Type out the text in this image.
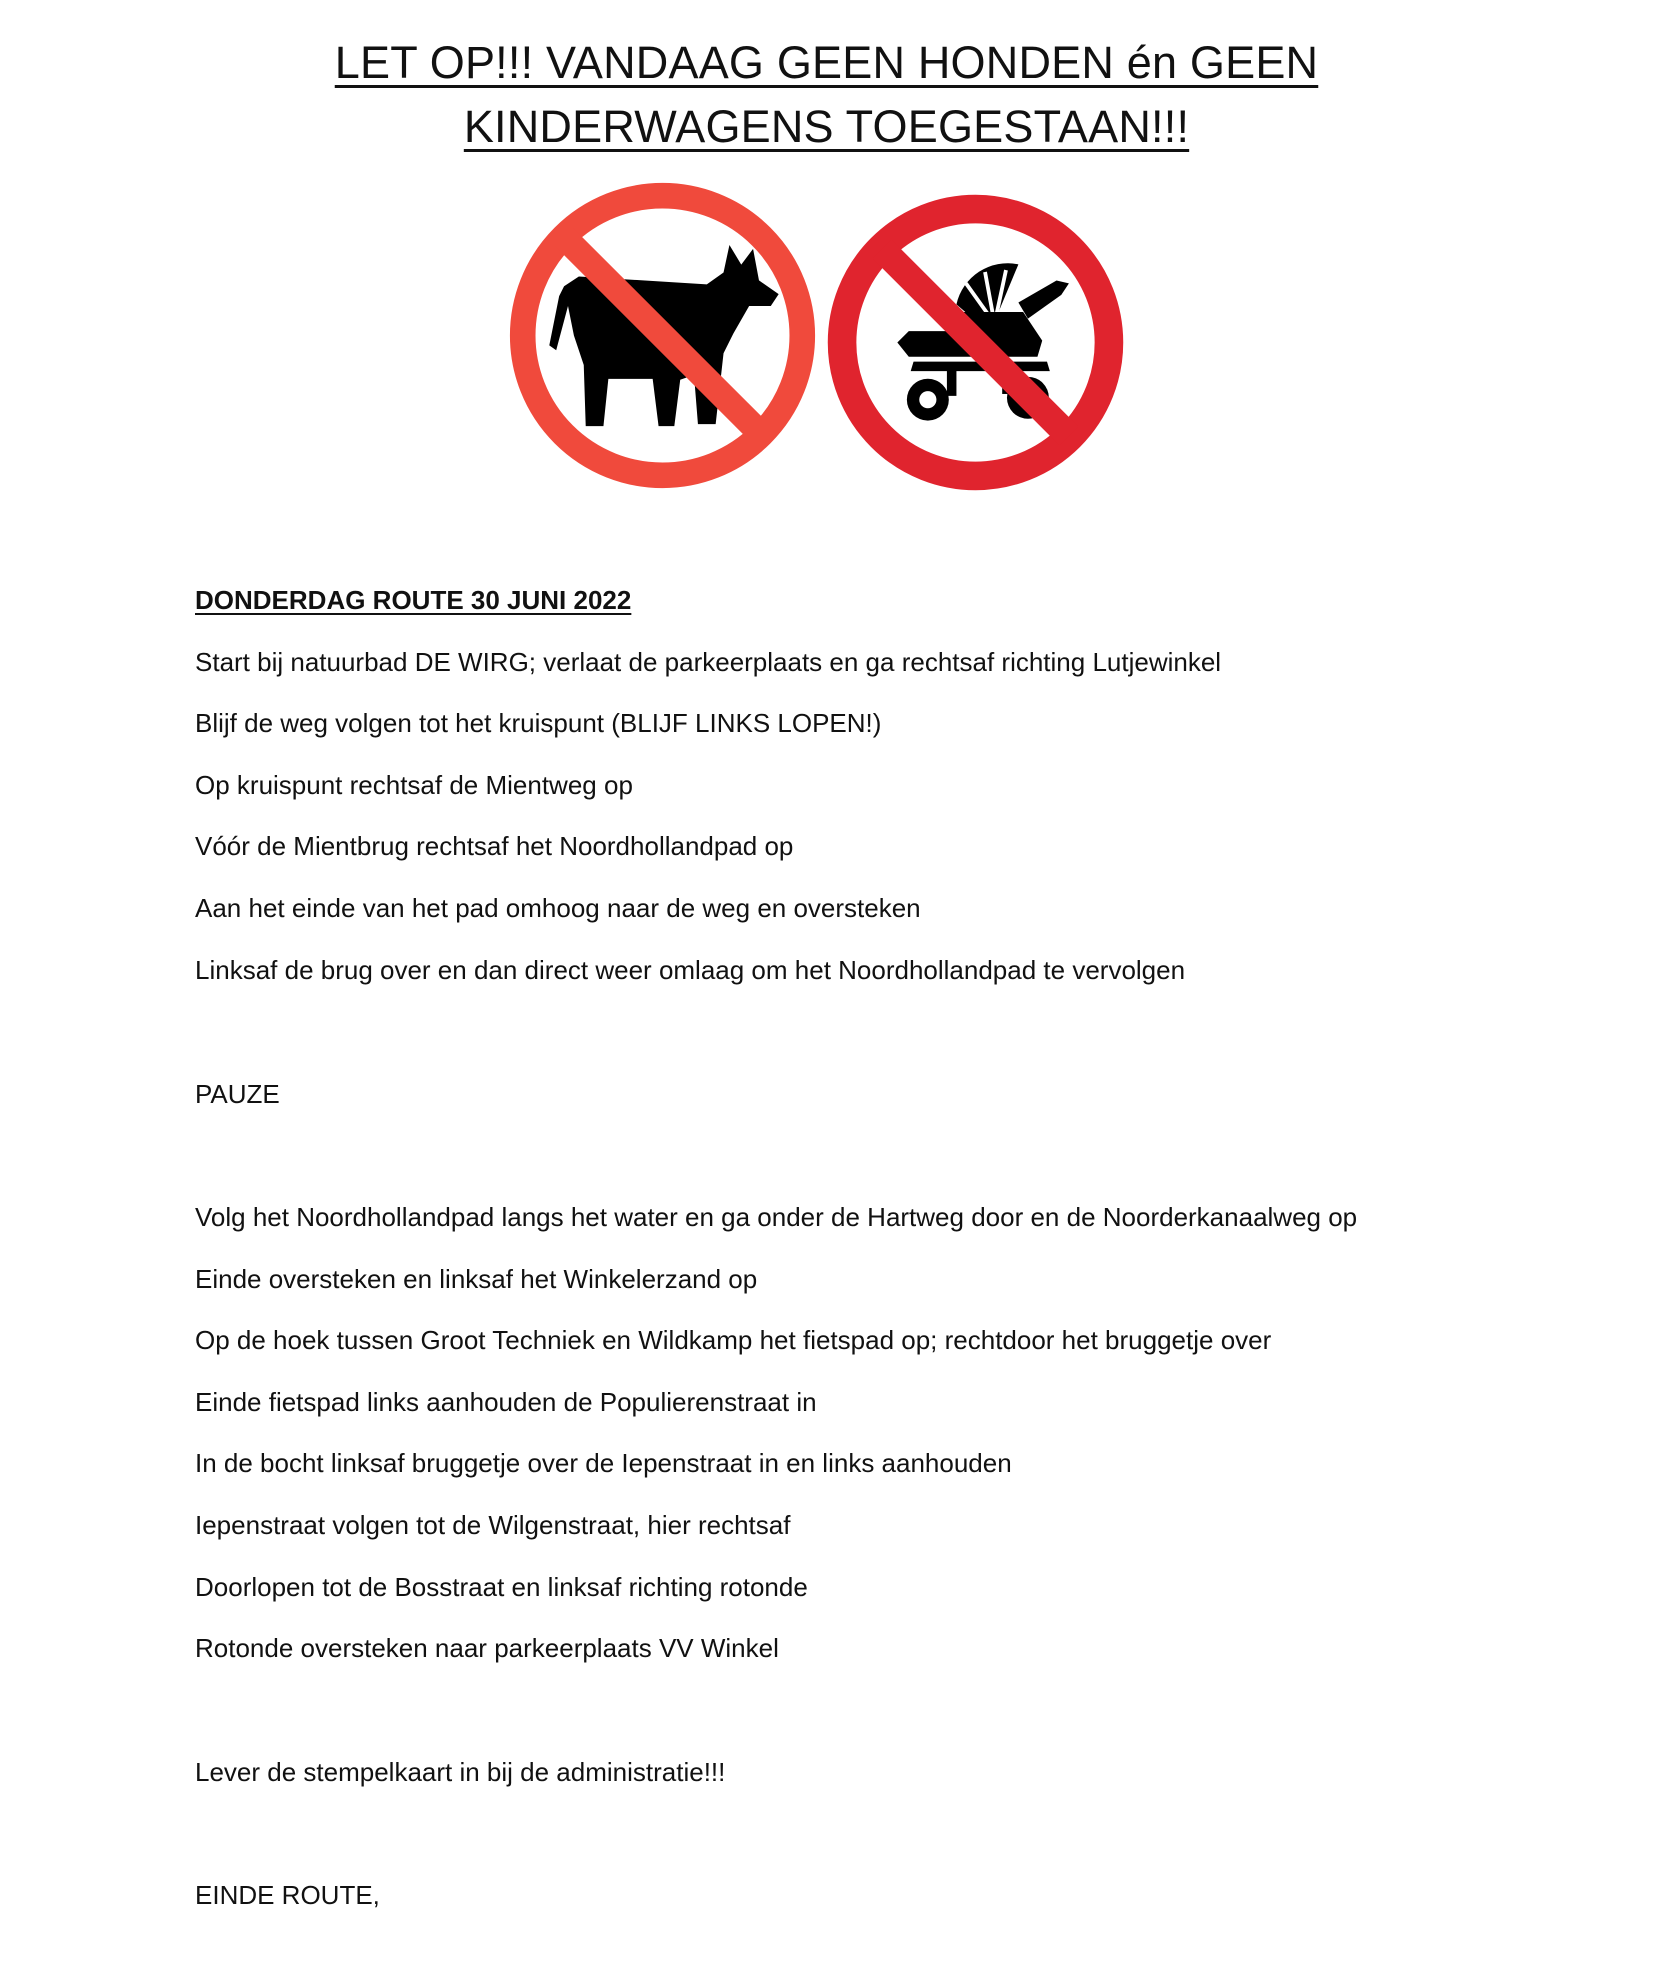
LET OP!!! VANDAAG GEEN HONDEN én GEEN
KINDERWAGENS TOEGESTAAN!!!
DONDERDAG ROUTE 30 JUNI 2022
Start bij natuurbad DE WIRG; verlaat de parkeerplaats en ga rechtsaf richting Lutjewinkel
Blijf de weg volgen tot het kruispunt (BLIJF LINKS LOPEN!)
Op kruispunt rechtsaf de Mientweg op
Vóór de Mientbrug rechtsaf het Noordhollandpad op
Aan het einde van het pad omhoog naar de weg en oversteken
Linksaf de brug over en dan direct weer omlaag om het Noordhollandpad te vervolgen
PAUZE
Volg het Noordhollandpad langs het water en ga onder de Hartweg door en de Noorderkanaalweg op
Einde oversteken en linksaf het Winkelerzand op
Op de hoek tussen Groot Techniek en Wildkamp het fietspad op; rechtdoor het bruggetje over
Einde fietspad links aanhouden de Populierenstraat in
In de bocht linksaf bruggetje over de Iepenstraat in en links aanhouden
Iepenstraat volgen tot de Wilgenstraat, hier rechtsaf
Doorlopen tot de Bosstraat en linksaf richting rotonde
Rotonde oversteken naar parkeerplaats VV Winkel
Lever de stempelkaart in bij de administratie!!!
EINDE ROUTE,
